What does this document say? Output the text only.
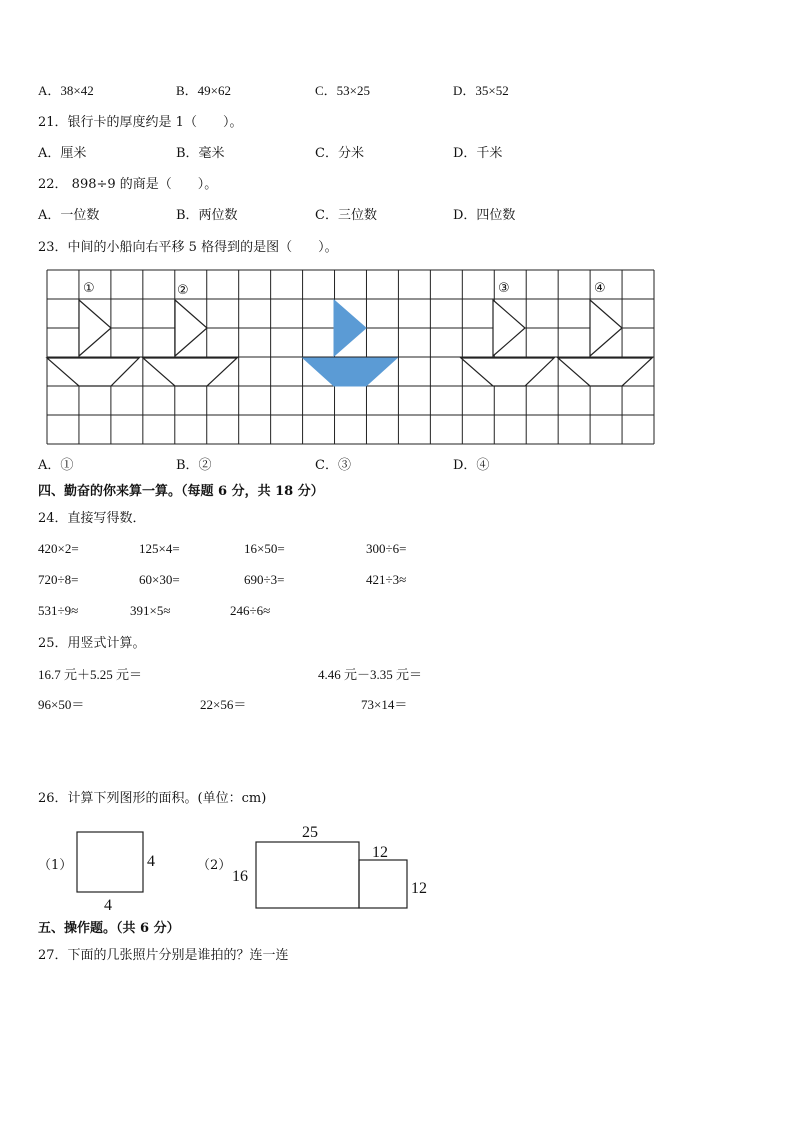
A．38×42	B．49×62	C．53×25	D．35×52
21．银行卡的厚度约是 1（　　）。
A．厘米	B．毫米	C．分米	D．千米
22． 898÷9 的商是（　　）。
A．一位数	B．两位数	C．三位数	D．四位数
23．中间的小船向右平移 5 格得到的是图（　　）。
①	②	③	④
4
4
25
16
12
12
A．①	B．②	C．③	D．④
四、勤奋的你来算一算。（每题 6 分，共 18 分）
24．直接写得数．
420×2=	125×4=	16×50=	300÷6=
720÷8=	60×30=	690÷3=	421÷3≈
531÷9≈	391×5≈	246÷6≈
25．用竖式计算。
16.7 元＋5.25 元＝	4.46 元－3.35 元＝
96×50＝	22×56＝	73×14＝
26．计算下列图形的面积。(单位：cm)
（1）	（2）
五、操作题。（共 6 分）
27．下面的几张照片分别是谁拍的？连一连
